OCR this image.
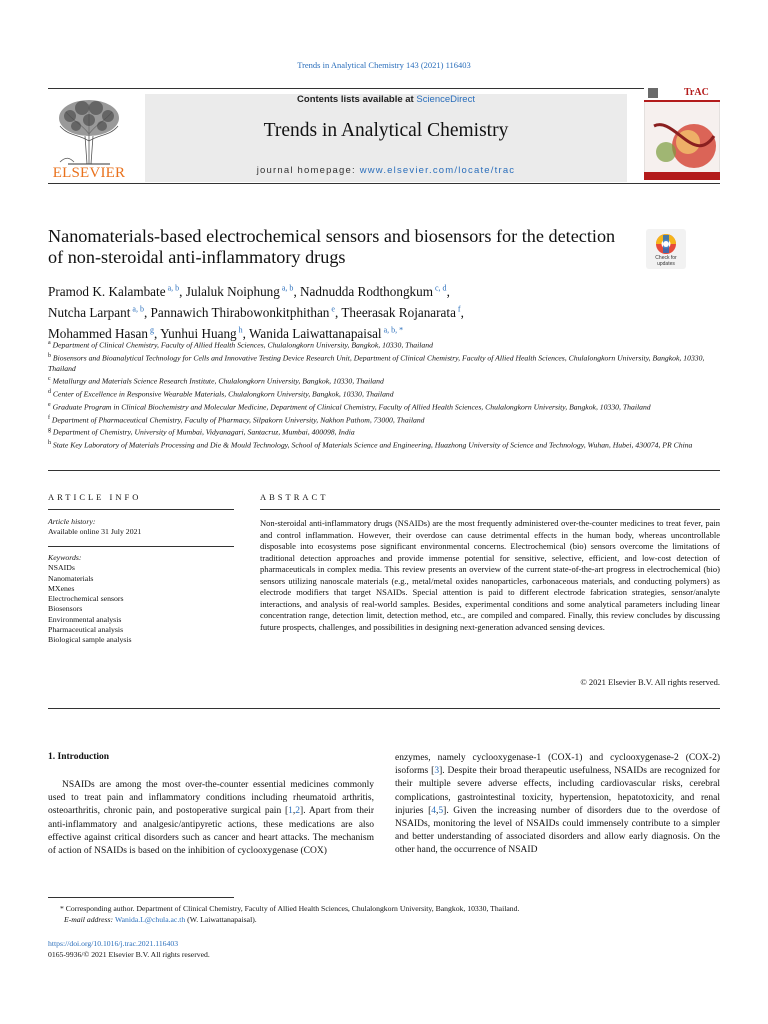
Trends in Analytical Chemistry 143 (2021) 116403
ELSEVIER
Contents lists available at ScienceDirect
Trends in Analytical Chemistry
journal homepage: www.elsevier.com/locate/trac
TrAC
Nanomaterials-based electrochemical sensors and biosensors for the detection of non-steroidal anti-inflammatory drugs	Check for updates
Pramod K. Kalambate $^{a, b}$, Julaluk Noiphung $^{a, b}$, Nadnudda Rodthongkum $^{c, d}$,
Nutcha Larpant $^{a, b}$, Pannawich Thirabowonkitphithan $^e$, Theerasak Rojanarata $^f$,
Mohammed Hasan $^g$, Yunhui Huang $^h$, Wanida Laiwattanapaisal $^{a, b, *}$
$^a$ Department of Clinical Chemistry, Faculty of Allied Health Sciences, Chulalongkorn University, Bangkok, 10330, Thailand
$^b$ Biosensors and Bioanalytical Technology for Cells and Innovative Testing Device Research Unit, Department of Clinical Chemistry, Faculty of Allied Health Sciences, Chulalongkorn University, Bangkok, 10330, Thailand
$^c$ Metallurgy and Materials Science Research Institute, Chulalongkorn University, Bangkok, 10330, Thailand
$^d$ Center of Excellence in Responsive Wearable Materials, Chulalongkorn University, Bangkok, 10330, Thailand
$^e$ Graduate Program in Clinical Biochemistry and Molecular Medicine, Department of Clinical Chemistry, Faculty of Allied Health Sciences, Chulalongkorn University, Bangkok, 10330, Thailand
$^f$ Department of Pharmaceutical Chemistry, Faculty of Pharmacy, Silpakorn University, Nakhon Pathom, 73000, Thailand
$^g$ Department of Chemistry, University of Mumbai, Vidyanagari, Santacruz, Mumbai, 400098, India
$^h$ State Key Laboratory of Materials Processing and Die & Mould Technology, School of Materials Science and Engineering, Huazhong University of Science and Technology, Wuhan, Hubei, 430074, PR China
ARTICLE INFO
Article history:
Available online 31 July 2021
Keywords:
NSAIDs
Nanomaterials
MXenes
Electrochemical sensors
Biosensors
Environmental analysis
Pharmaceutical analysis
Biological sample analysis
ABSTRACT
Non-steroidal anti-inflammatory drugs (NSAIDs) are the most frequently administered over-the-counter medicines to treat fever, pain and control inflammation. However, their overdose can cause detrimental effects in the human body, whereas uncontrollable disposable into ecosystems pose significant environmental concerns. Electrochemical (bio) sensors overcome the limitations of traditional detection approaches and provide immense potential for sensitive, selective, efficient, and low-cost detection of pharmaceuticals in complex media. This review presents an overview of the current state-of-the-art progress in electrochemical (bio) sensors utilizing nanoscale materials (e.g., metal/metal oxides nanoparticles, carbonaceous materials, and conducting polymers) as electrode modifiers that target NSAIDs. Special attention is paid to different electrode fabrication strategies, sensor/analyte interactions, and analysis of real-world samples. Besides, experimental conditions and some analytical parameters including linear concentration range, detection limit, detection method, etc., are compiled and compared. Finally, this review concludes by discussing future prospects, challenges, and possibilities in designing next-generation advanced sensing devices.
© 2021 Elsevier B.V. All rights reserved.
1. Introduction
NSAIDs are among the most over-the-counter essential medicines commonly used to treat pain and inflammatory conditions including rheumatoid arthritis, osteoarthritis, chronic pain, and postoperative surgical pain [1,2]. Apart from their anti-inflammatory and analgesic/antipyretic actions, these medications are also effective against critical disorders such as cancer and heart attacks. The mechanism of action of NSAIDs is based on the inhibition of cyclooxygenase (COX)
enzymes, namely cyclooxygenase-1 (COX-1) and cyclooxygenase-2 (COX-2) isoforms [3]. Despite their broad therapeutic usefulness, NSAIDs are recognized for their multiple severe adverse effects, including cardiovascular risks, cerebral complications, gastrointestinal toxicity, hypertension, hepatotoxicity, and renal injuries [4,5]. Given the increasing number of disorders due to the overdose of NSAIDs, monitoring the level of NSAIDs could immensely contribute to a simpler and better understanding of associated disorders and allow early diagnosis. On the other hand, the occurrence of NSAID
* Corresponding author. Department of Clinical Chemistry, Faculty of Allied Health Sciences, Chulalongkorn University, Bangkok, 10330, Thailand.
E-mail address: Wanida.L@chula.ac.th (W. Laiwattanapaisal).
https://doi.org/10.1016/j.trac.2021.116403
0165-9936/© 2021 Elsevier B.V. All rights reserved.
